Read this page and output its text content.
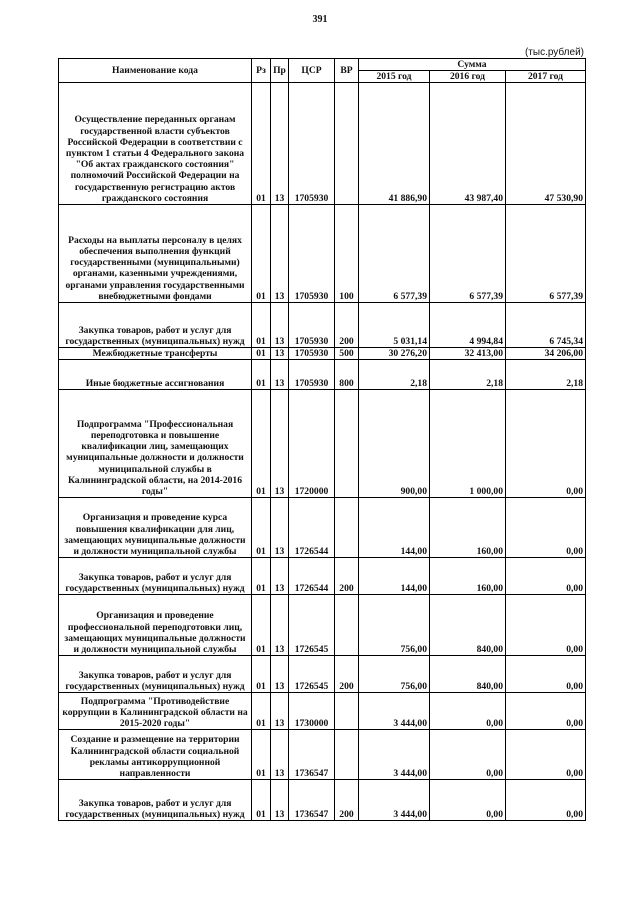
391
(тыс.рублей)
Наименование кода	Рз	Пр	ЦСР	ВР	Сумма		
					2015 год	2016 год	2017 год
Осуществление переданных органам государственной власти субъектов Российской Федерации в соответствии с пунктом 1 статьи 4 Федерального закона "Об актах гражданского состояния" полномочий Российской Федерации на государственную регистрацию актов гражданского состояния	01	13	1705930		41 886,90	43 987,40	47 530,90
Расходы на выплаты персоналу в целях обеспечения выполнения функций государственными (муниципальными) органами, казенными учреждениями, органами управления государственными внебюджетными фондами	01	13	1705930	100	6 577,39	6 577,39	6 577,39
Закупка товаров, работ и услуг для государственных (муниципальных) нужд	01	13	1705930	200	5 031,14	4 994,84	6 745,34
Межбюджетные трансферты	01	13	1705930	500	30 276,20	32 413,00	34 206,00
Иные бюджетные ассигнования	01	13	1705930	800	2,18	2,18	2,18
Подпрограмма "Профессиональная переподготовка и повышение квалификации лиц, замещающих муниципальные должности и должности муниципальной службы в Калининградской области, на 2014-2016 годы"	01	13	1720000		900,00	1 000,00	0,00
Организация и проведение курса повышения квалификации для лиц, замещающих муниципальные должности и должности муниципальной службы	01	13	1726544		144,00	160,00	0,00
Закупка товаров, работ и услуг для государственных (муниципальных) нужд	01	13	1726544	200	144,00	160,00	0,00
Организация и проведение профессиональной переподготовки лиц, замещающих муниципальные должности и должности муниципальной службы	01	13	1726545		756,00	840,00	0,00
Закупка товаров, работ и услуг для государственных (муниципальных) нужд	01	13	1726545	200	756,00	840,00	0,00
Подпрограмма "Противодействие коррупции в Калининградской области на 2015-2020 годы"	01	13	1730000		3 444,00	0,00	0,00
Создание и размещение на территории Калининградской области социальной рекламы антикоррупционной направленности	01	13	1736547		3 444,00	0,00	0,00
Закупка товаров, работ и услуг для государственных (муниципальных) нужд	01	13	1736547	200	3 444,00	0,00	0,00
